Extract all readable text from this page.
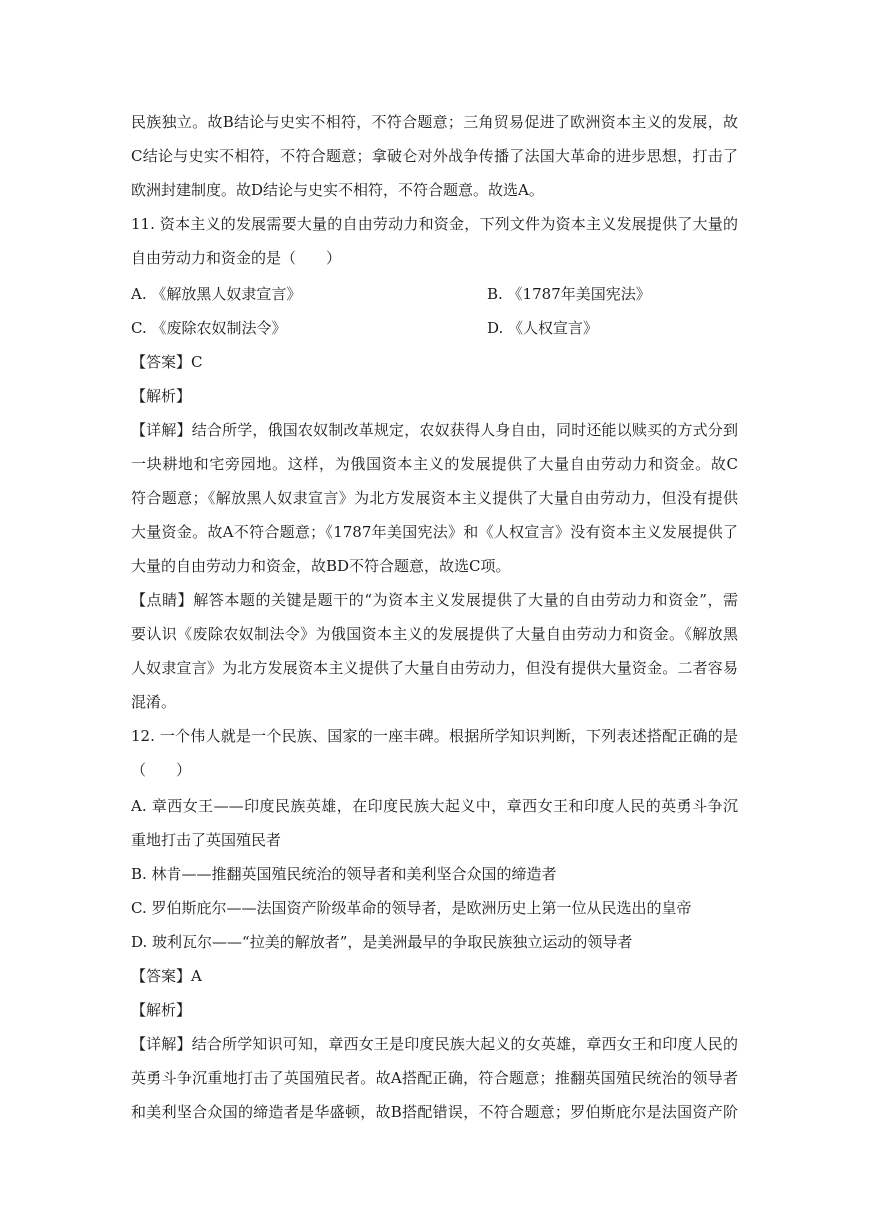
民族独立。故B结论与史实不相符，不符合题意；三角贸易促进了欧洲资本主义的发展，故
C结论与史实不相符，不符合题意；拿破仑对外战争传播了法国大革命的进步思想，打击了
欧洲封建制度。故D结论与史实不相符，不符合题意。故选A。
11. 资本主义的发展需要大量的自由劳动力和资金，下列文件为资本主义发展提供了大量的
自由劳动力和资金的是（　　）
A. 《解放黑人奴隶宣言》	B. 《1787年美国宪法》
C. 《废除农奴制法令》	D. 《人权宣言》
【答案】C
【解析】
【详解】结合所学，俄国农奴制改革规定，农奴获得人身自由，同时还能以赎买的方式分到
一块耕地和宅旁园地。这样，为俄国资本主义的发展提供了大量自由劳动力和资金。故C
符合题意；《解放黑人奴隶宣言》为北方发展资本主义提供了大量自由劳动力，但没有提供
大量资金。故A不符合题意；《1787年美国宪法》和《人权宣言》没有资本主义发展提供了
大量的自由劳动力和资金，故BD不符合题意，故选C项。
【点睛】解答本题的关键是题干的“为资本主义发展提供了大量的自由劳动力和资金”，需
要认识《废除农奴制法令》为俄国资本主义的发展提供了大量自由劳动力和资金。《解放黑
人奴隶宣言》为北方发展资本主义提供了大量自由劳动力，但没有提供大量资金。二者容易
混淆。
12. 一个伟人就是一个民族、国家的一座丰碑。根据所学知识判断，下列表述搭配正确的是
（　　）
A. 章西女王——印度民族英雄，在印度民族大起义中，章西女王和印度人民的英勇斗争沉
重地打击了英国殖民者
B. 林肯——推翻英国殖民统治的领导者和美利坚合众国的缔造者
C. 罗伯斯庇尔——法国资产阶级革命的领导者，是欧洲历史上第一位从民选出的皇帝
D. 玻利瓦尔——“拉美的解放者”，是美洲最早的争取民族独立运动的领导者
【答案】A
【解析】
【详解】结合所学知识可知，章西女王是印度民族大起义的女英雄，章西女王和印度人民的
英勇斗争沉重地打击了英国殖民者。故A搭配正确，符合题意；推翻英国殖民统治的领导者
和美利坚合众国的缔造者是华盛顿，故B搭配错误，不符合题意；罗伯斯庇尔是法国资产阶
